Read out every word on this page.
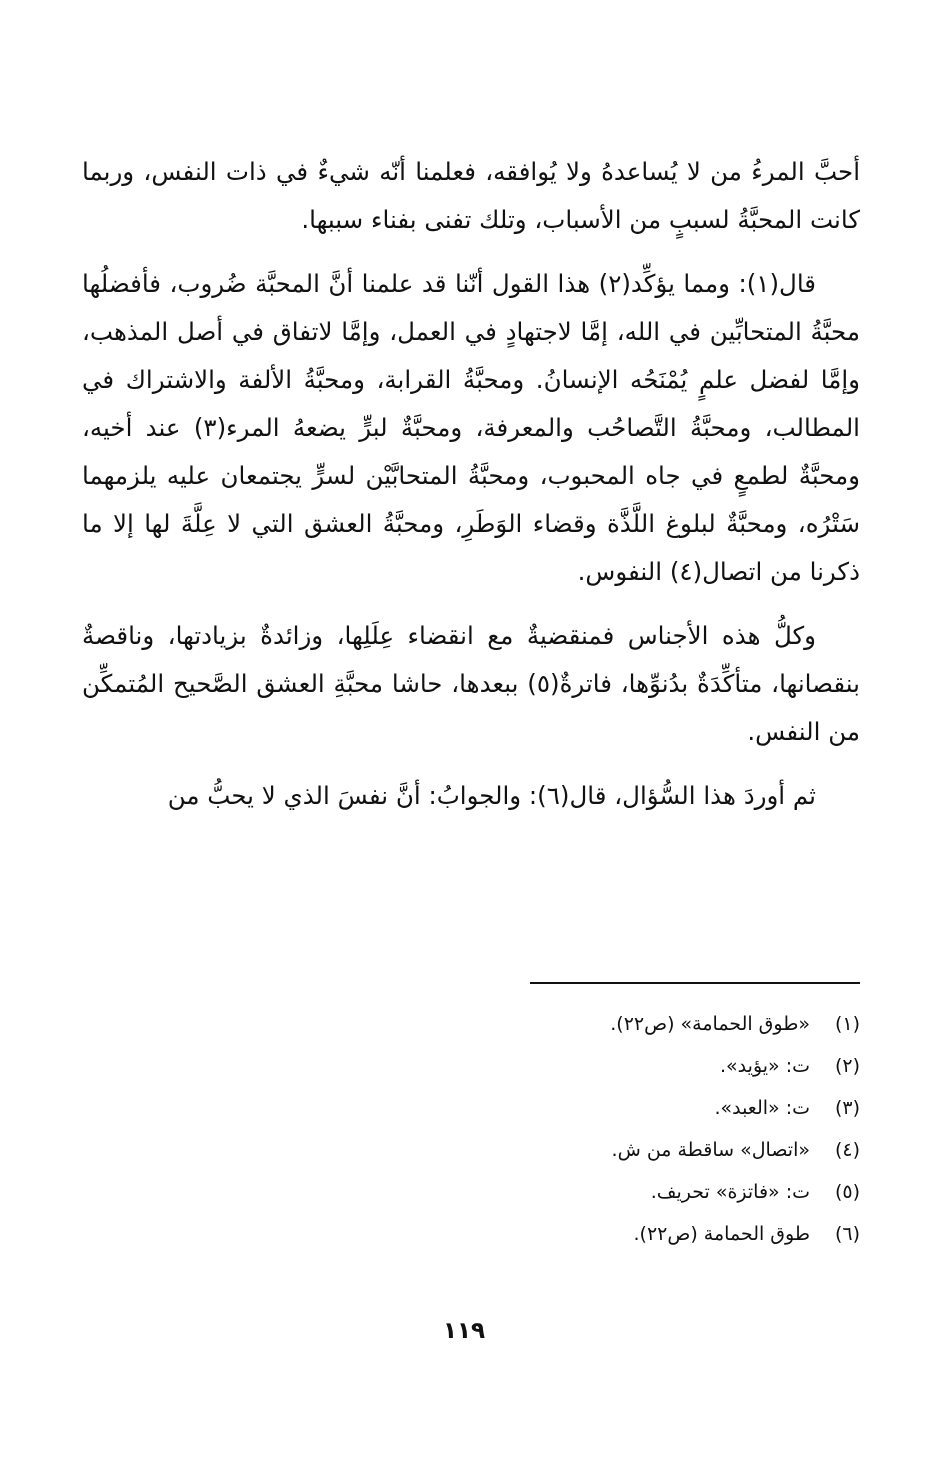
أحبَّ المرءُ من لا يُساعدهُ ولا يُوافقه، فعلمنا أنّه شيءٌ في ذات النفس، وربما كانت المحبَّةُ لسببٍ من الأسباب، وتلك تفنى بفناء سببها.

قال(١): ومما يؤكِّد(٢) هذا القول أنّنا قد علمنا أنَّ المحبَّة ضُروب، فأفضلُها محبَّةُ المتحابِّين في الله، إمَّا لاجتهادٍ في العمل، وإمَّا لاتفاق في أصل المذهب، وإمَّا لفضل علمٍ يُمْنَحُه الإنسانُ. ومحبَّةُ القرابة، ومحبَّةُ الألفة والاشتراك في المطالب، ومحبَّةُ التَّصاحُب والمعرفة، ومحبَّةٌ لبرٍّ يضعهُ المرء(٣) عند أخيه، ومحبَّةٌ لطمعٍ في جاه المحبوب، ومحبَّةُ المتحابَّيْن لسرٍّ يجتمعان عليه يلزمهما سَتْرُه، ومحبَّةٌ لبلوغ اللَّذَّة وقضاء الوَطَرِ، ومحبَّةُ العشق التي لا عِلَّةَ لها إلا ما ذكرنا من اتصال(٤) النفوس.

وكلُّ هذه الأجناس فمنقضيةٌ مع انقضاء عِلَلِها، وزائدةٌ بزيادتها، وناقصةٌ بنقصانها، متأكِّدَةٌ بدُنوِّها، فاترةٌ(٥) ببعدها، حاشا محبَّةِ العشق الصَّحيح المُتمكِّن من النفس.

ثم أوردَ هذا السُّؤال، قال(٦): والجوابُ: أنَّ نفسَ الذي لا يحبُّ من

(١)
«طوق الحمامة» (ص٢٢).
(٢)
ت: «يؤيد».
(٣)
ت: «العبد».
(٤)
«اتصال» ساقطة من ش.
(٥)
ت: «فاتزة» تحريف.
(٦)
طوق الحمامة (ص٢٢).
١١٩
